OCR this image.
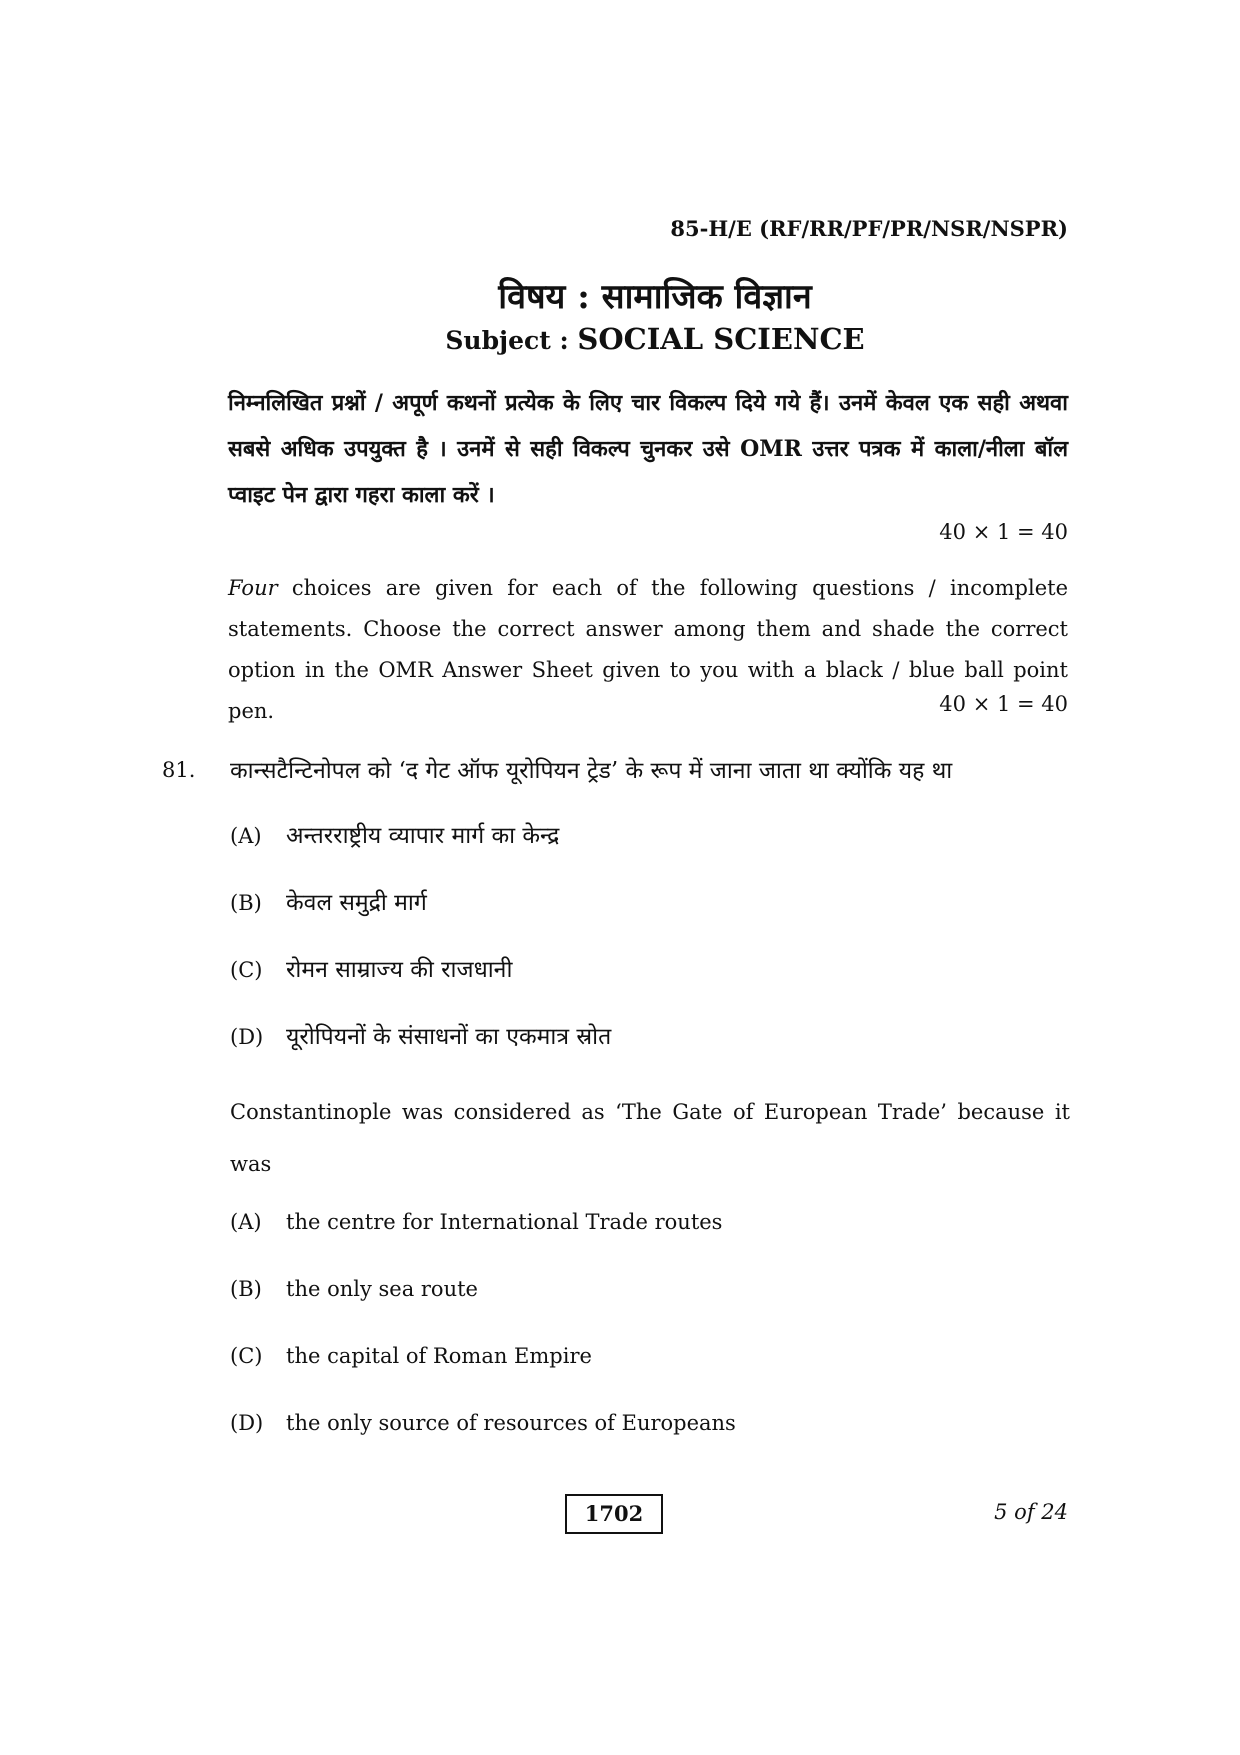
85-H/E (RF/RR/PF/PR/NSR/NSPR)
विषय : सामाजिक विज्ञान
Subject : SOCIAL SCIENCE
निम्नलिखित प्रश्नों / अपूर्ण कथनों प्रत्येक के लिए चार विकल्प दिये गये हैं। उनमें केवल एक सही अथवा सबसे अधिक उपयुक्त है । उनमें से सही विकल्प चुनकर उसे OMR उत्तर पत्रक में काला/नीला बॉल प्वाइट पेन द्वारा गहरा काला करें ।
40 × 1 = 40
Four choices are given for each of the following questions / incomplete statements. Choose the correct answer among them and shade the correct option in the OMR Answer Sheet given to you with a black / blue ball point pen.	40 × 1 = 40
81. कान्सटैन्टिनोपल को ‘द गेट ऑफ यूरोपियन ट्रेड’ के रूप में जाना जाता था क्योंकि यह था
(A) अन्तरराष्ट्रीय व्यापार मार्ग का केन्द्र
(B) केवल समुद्री मार्ग
(C) रोमन साम्राज्य की राजधानी
(D) यूरोपियनों के संसाधनों का एकमात्र स्रोत
Constantinople was considered as ‘The Gate of European Trade’ because it was
(A) the centre for International Trade routes
(B) the only sea route
(C) the capital of Roman Empire
(D) the only source of resources of Europeans
1702	5 of 24
